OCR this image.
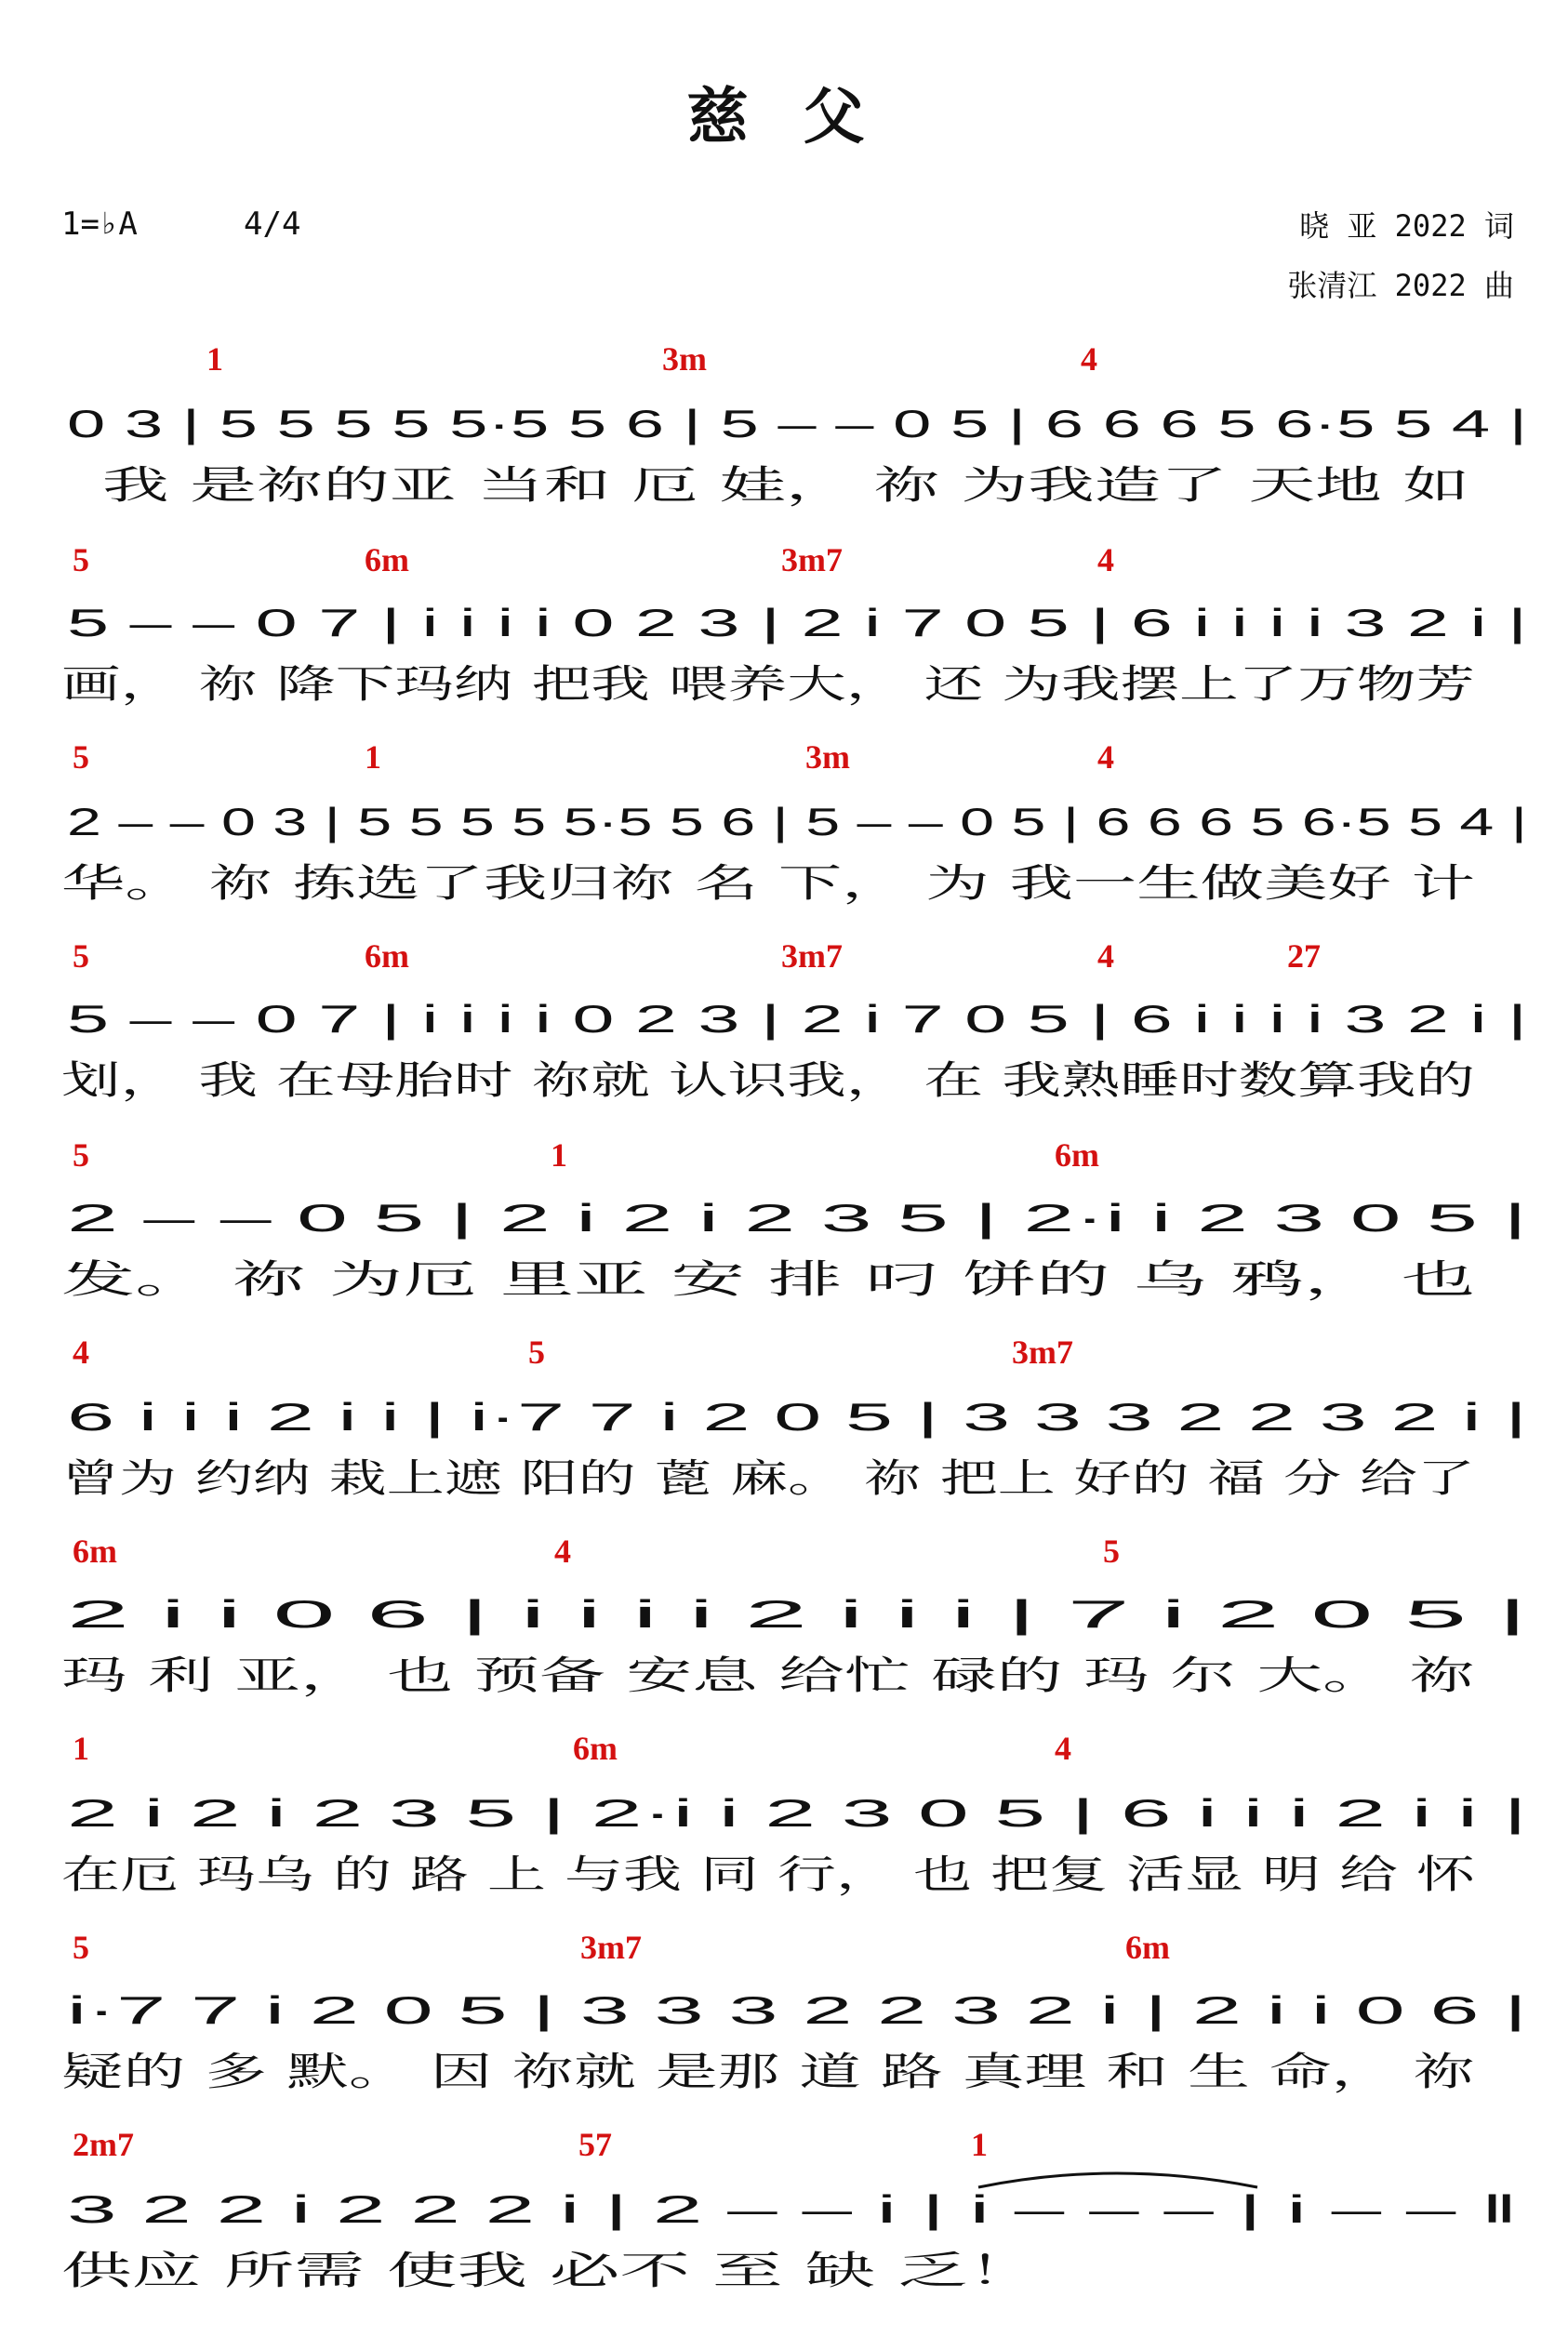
慈 父
1=♭A	4/4	晓 亚 2022 词
张清江 2022 曲
1	3m	4
0 3 | 5 5 5 5 5·5 5 6 | 5 – – 0 5 | 6 6 6 5 6·5 5 4 |
我 是祢的亚 当和 厄 娃， 祢 为我造了 天地 如
5	6m	3m7	4
5 – – 0 7 | i i i i 0 2 3 | 2 i 7 0 5 | 6 i i i i 3 2 i |
画， 祢 降下玛纳 把我 喂养大， 还 为我摆上了万物芳
5	1	3m	4
2 – – 0 3 | 5 5 5 5 5·5 5 6 | 5 – – 0 5 | 6 6 6 5 6·5 5 4 |
华。 祢 拣选了我归祢 名 下， 为 我一生做美好 计
5	6m	3m7	4	27
5 – – 0 7 | i i i i 0 2 3 | 2 i 7 0 5 | 6 i i i i 3 2 i |
划， 我 在母胎时 祢就 认识我， 在 我熟睡时数算我的
5	1	6m
2 – – 0 5 | 2 i 2 i 2 3 5 | 2·i i 2 3 0 5 |
发。 祢 为厄 里亚 安 排 叼 饼的 乌 鸦， 也
4	5	3m7
6 i i i 2 i i | i·7 7 i 2 0 5 | 3 3 3 2 2 3 2 i |
曾为 约纳 栽上遮 阳的 蓖 麻。 祢 把上 好的 福 分 给了
6m	4	5
2 i i 0 6 | i i i i 2 i i i | 7 i 2 0 5 |
玛 利 亚， 也 预备 安息 给忙 碌的 玛 尔 大。 祢
1	6m	4
2 i 2 i 2 3 5 | 2·i i 2 3 0 5 | 6 i i i 2 i i |
在厄 玛乌 的 路 上 与我 同 行， 也 把复 活显 明 给 怀
5	3m7	6m
i·7 7 i 2 0 5 | 3 3 3 2 2 3 2 i | 2 i i 0 6 |
疑的 多 默。 因 祢就 是那 道 路 真理 和 生 命， 祢
2m7	57	1
3 2 2 i 2 2 2 i | 2 – – i | i – – – | i – – ‖
供应 所需 使我 必不 至 缺 乏！
